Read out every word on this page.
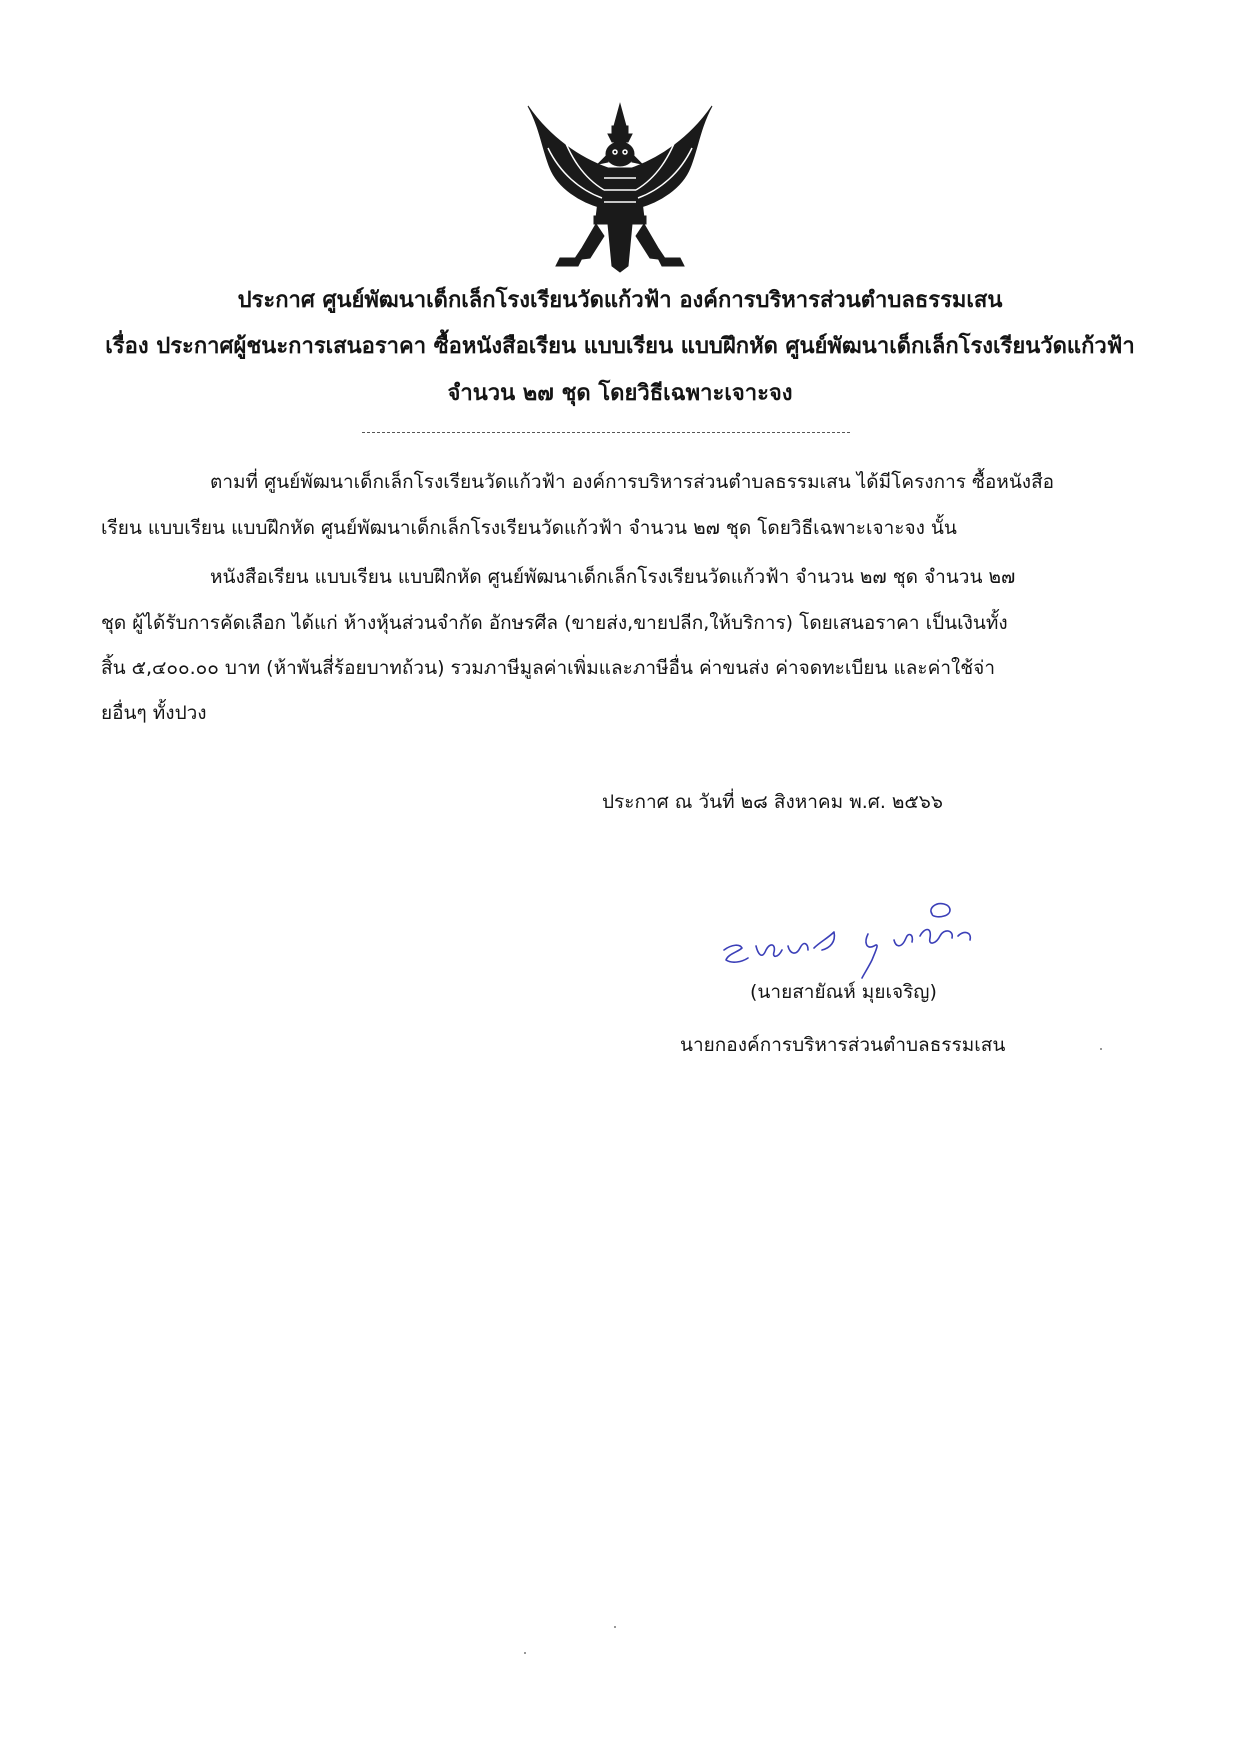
ประกาศ ศูนย์พัฒนาเด็กเล็กโรงเรียนวัดแก้วฟ้า องค์การบริหารส่วนตำบลธรรมเสน
เรื่อง ประกาศผู้ชนะการเสนอราคา ซื้อหนังสือเรียน แบบเรียน แบบฝึกหัด ศูนย์พัฒนาเด็กเล็กโรงเรียนวัดแก้วฟ้า
จำนวน ๒๗ ชุด โดยวิธีเฉพาะเจาะจง
ตามที่ ศูนย์พัฒนาเด็กเล็กโรงเรียนวัดแก้วฟ้า องค์การบริหารส่วนตำบลธรรมเสน ได้มีโครงการ ซื้อหนังสือ
เรียน แบบเรียน แบบฝึกหัด ศูนย์พัฒนาเด็กเล็กโรงเรียนวัดแก้วฟ้า จำนวน ๒๗ ชุด โดยวิธีเฉพาะเจาะจง นั้น
หนังสือเรียน แบบเรียน แบบฝึกหัด ศูนย์พัฒนาเด็กเล็กโรงเรียนวัดแก้วฟ้า จำนวน ๒๗ ชุด จำนวน ๒๗
ชุด ผู้ได้รับการคัดเลือก ได้แก่ ห้างหุ้นส่วนจำกัด อักษรศีล (ขายส่ง,ขายปลีก,ให้บริการ) โดยเสนอราคา เป็นเงินทั้ง
สิ้น ๕,๔๐๐.๐๐ บาท (ห้าพันสี่ร้อยบาทถ้วน) รวมภาษีมูลค่าเพิ่มและภาษีอื่น ค่าขนส่ง ค่าจดทะเบียน และค่าใช้จ่า
ยอื่นๆ ทั้งปวง
ประกาศ ณ วันที่ ๒๘ สิงหาคม พ.ศ. ๒๕๖๖
(นายสายัณห์ มุยเจริญ)
นายกองค์การบริหารส่วนตำบลธรรมเสน
